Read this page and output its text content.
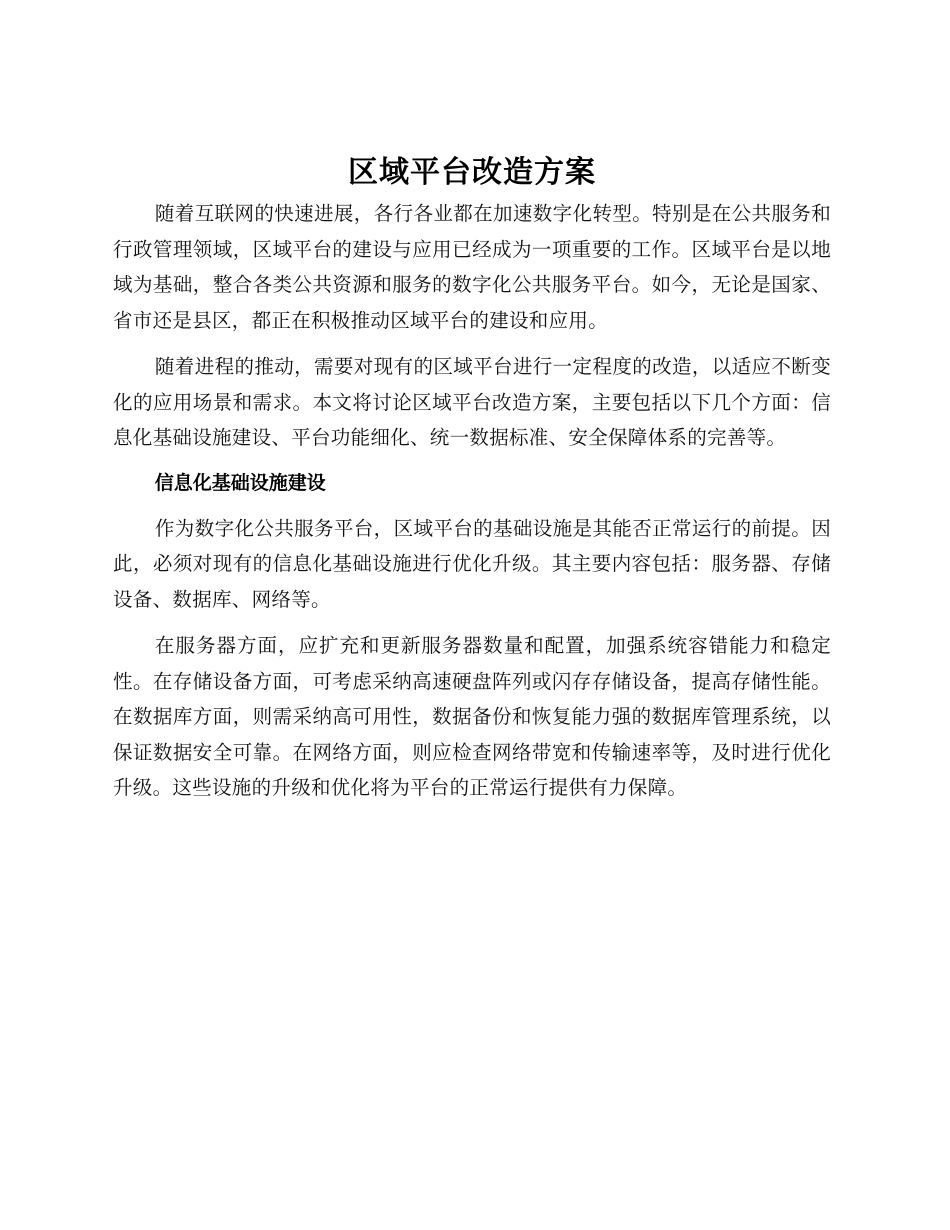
区域平台改造方案

随着互联网的快速进展，各行各业都在加速数字化转型。特别是在公共服务和行政管理领域，区域平台的建设与应用已经成为一项重要的工作。区域平台是以地域为基础，整合各类公共资源和服务的数字化公共服务平台。如今，无论是国家、省市还是县区，都正在积极推动区域平台的建设和应用。

随着进程的推动，需要对现有的区域平台进行一定程度的改造，以适应不断变化的应用场景和需求。本文将讨论区域平台改造方案，主要包括以下几个方面：信息化基础设施建设、平台功能细化、统一数据标准、安全保障体系的完善等。

信息化基础设施建设

作为数字化公共服务平台，区域平台的基础设施是其能否正常运行的前提。因此，必须对现有的信息化基础设施进行优化升级。其主要内容包括：服务器、存储设备、数据库、网络等。

在服务器方面，应扩充和更新服务器数量和配置，加强系统容错能力和稳定性。在存储设备方面，可考虑采纳高速硬盘阵列或闪存存储设备，提高存储性能。在数据库方面，则需采纳高可用性，数据备份和恢复能力强的数据库管理系统，以保证数据安全可靠。在网络方面，则应检查网络带宽和传输速率等，及时进行优化升级。这些设施的升级和优化将为平台的正常运行提供有力保障。
